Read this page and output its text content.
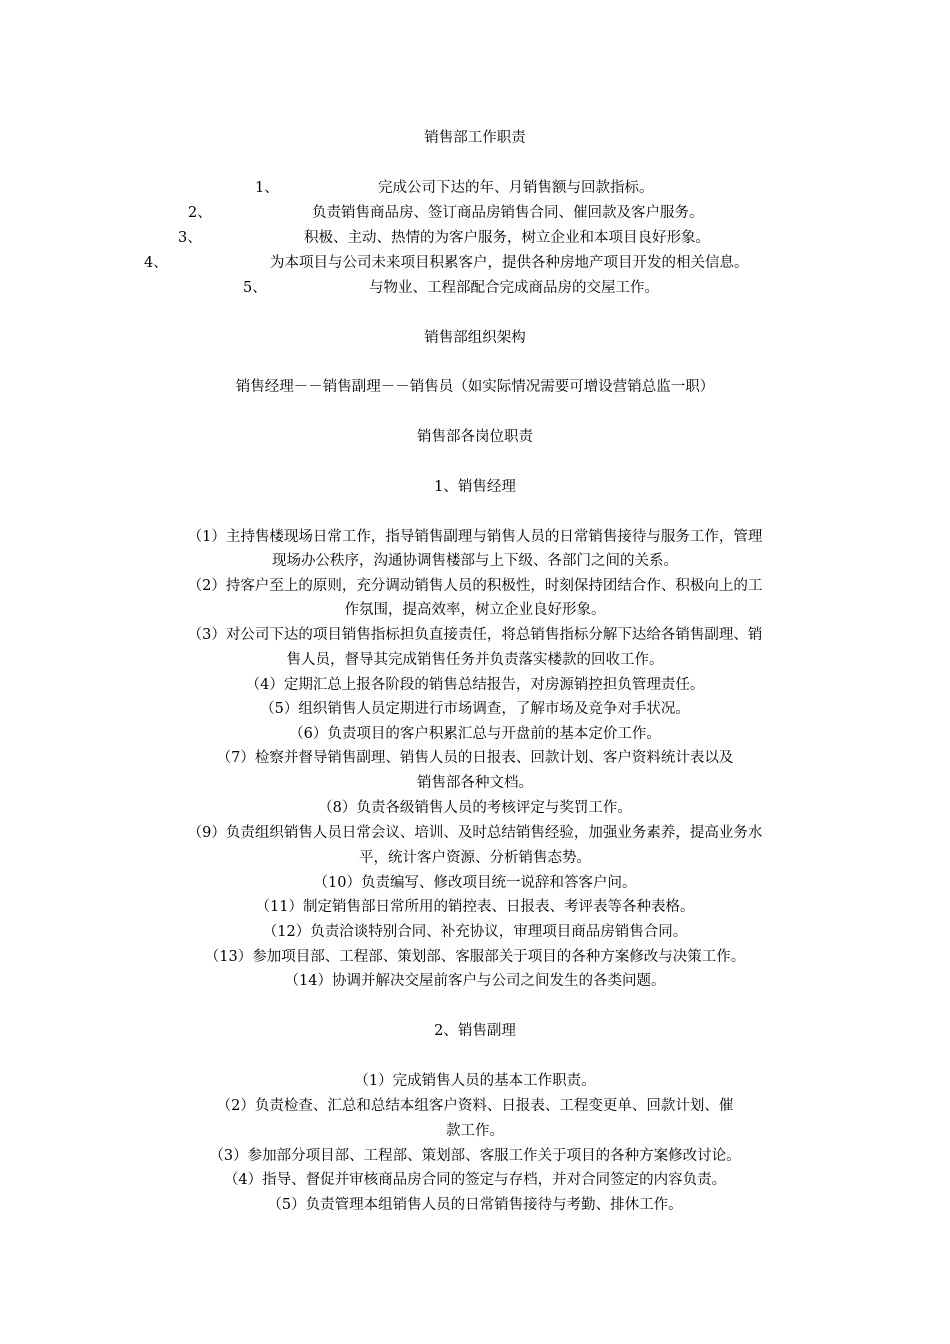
销售部工作职责
1、	完成公司下达的年、月销售额与回款指标。
2、	负责销售商品房、签订商品房销售合同、催回款及客户服务。
3、	积极、主动、热情的为客户服务，树立企业和本项目良好形象。
4、	为本项目与公司未来项目积累客户，提供各种房地产项目开发的相关信息。
5、	与物业、工程部配合完成商品房的交屋工作。
销售部组织架构
销售经理－－销售副理－－销售员（如实际情况需要可增设营销总监一职）
销售部各岗位职责
1、销售经理
（1）主持售楼现场日常工作，指导销售副理与销售人员的日常销售接待与服务工作，管理
现场办公秩序，沟通协调售楼部与上下级、各部门之间的关系。
（2）持客户至上的原则，充分调动销售人员的积极性，时刻保持团结合作、积极向上的工
作氛围，提高效率，树立企业良好形象。
（3）对公司下达的项目销售指标担负直接责任，将总销售指标分解下达给各销售副理、销
售人员，督导其完成销售任务并负责落实楼款的回收工作。
（4）定期汇总上报各阶段的销售总结报告，对房源销控担负管理责任。
（5）组织销售人员定期进行市场调查，了解市场及竞争对手状况。
（6）负责项目的客户积累汇总与开盘前的基本定价工作。
（7）检察并督导销售副理、销售人员的日报表、回款计划、客户资料统计表以及
销售部各种文档。
（8）负责各级销售人员的考核评定与奖罚工作。
（9）负责组织销售人员日常会议、培训、及时总结销售经验，加强业务素养，提高业务水
平，统计客户资源、分析销售态势。
（10）负责编写、修改项目统一说辞和答客户问。
（11）制定销售部日常所用的销控表、日报表、考评表等各种表格。
（12）负责洽谈特别合同、补充协议，审理项目商品房销售合同。
（13）参加项目部、工程部、策划部、客服部关于项目的各种方案修改与决策工作。
（14）协调并解决交屋前客户与公司之间发生的各类问题。
2、销售副理
（1）完成销售人员的基本工作职责。
（2）负责检查、汇总和总结本组客户资料、日报表、工程变更单、回款计划、催
款工作。
（3）参加部分项目部、工程部、策划部、客服工作关于项目的各种方案修改讨论。
（4）指导、督促并审核商品房合同的签定与存档，并对合同签定的内容负责。
（5）负责管理本组销售人员的日常销售接待与考勤、排休工作。
